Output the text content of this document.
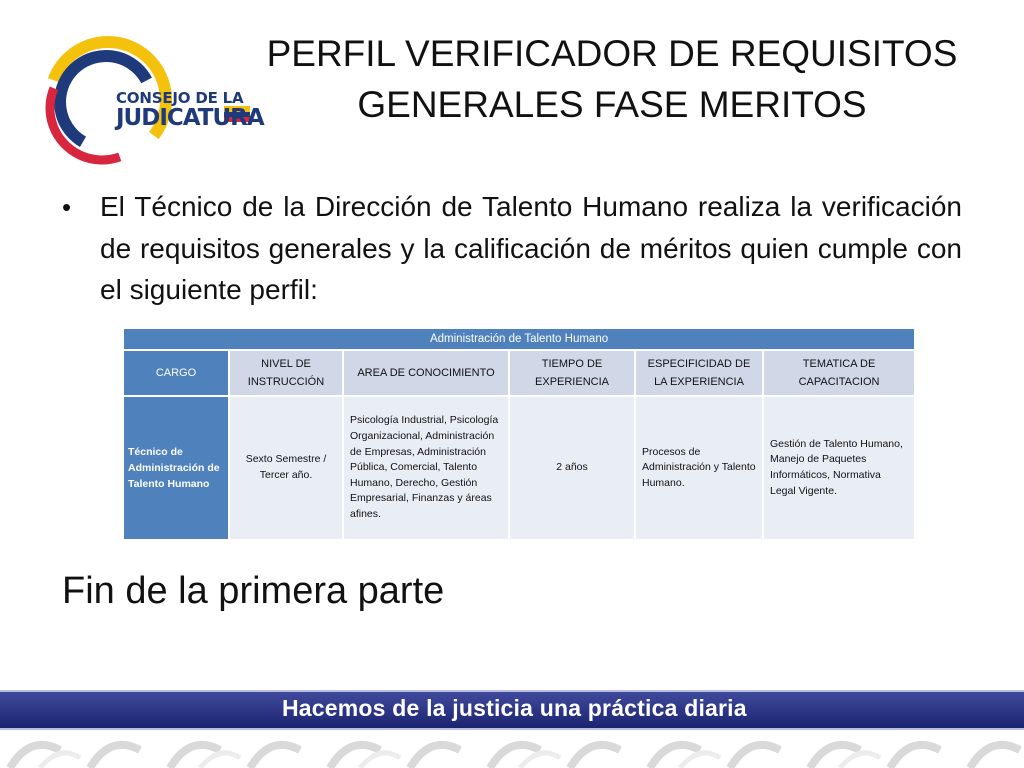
CONSEJO DE LA
JUDICATURA
PERFIL VERIFICADOR DE REQUISITOS GENERALES FASE MERITOS
• El Técnico de la Dirección de Talento Humano realiza la verificación de requisitos generales y la calificación de méritos quien cumple con el siguiente perfil:
Administración de Talento Humano					
CARGO	NIVEL DE INSTRUCCIÓN	AREA DE CONOCIMIENTO	TIEMPO DE EXPERIENCIA	ESPECIFICIDAD DE LA EXPERIENCIA	TEMATICA DE CAPACITACION
Técnico de Administración de Talento Humano	Sexto Semestre / Tercer año.	Psicología Industrial, Psicología Organizacional, Administración de Empresas, Administración Pública, Comercial, Talento Humano, Derecho, Gestión Empresarial, Finanzas y áreas afines.	2 años	Procesos de Administración y Talento Humano.	Gestión de Talento Humano, Manejo de Paquetes Informáticos, Normativa Legal Vigente.
Fin de la primera parte
Hacemos de la justicia una práctica diaria
